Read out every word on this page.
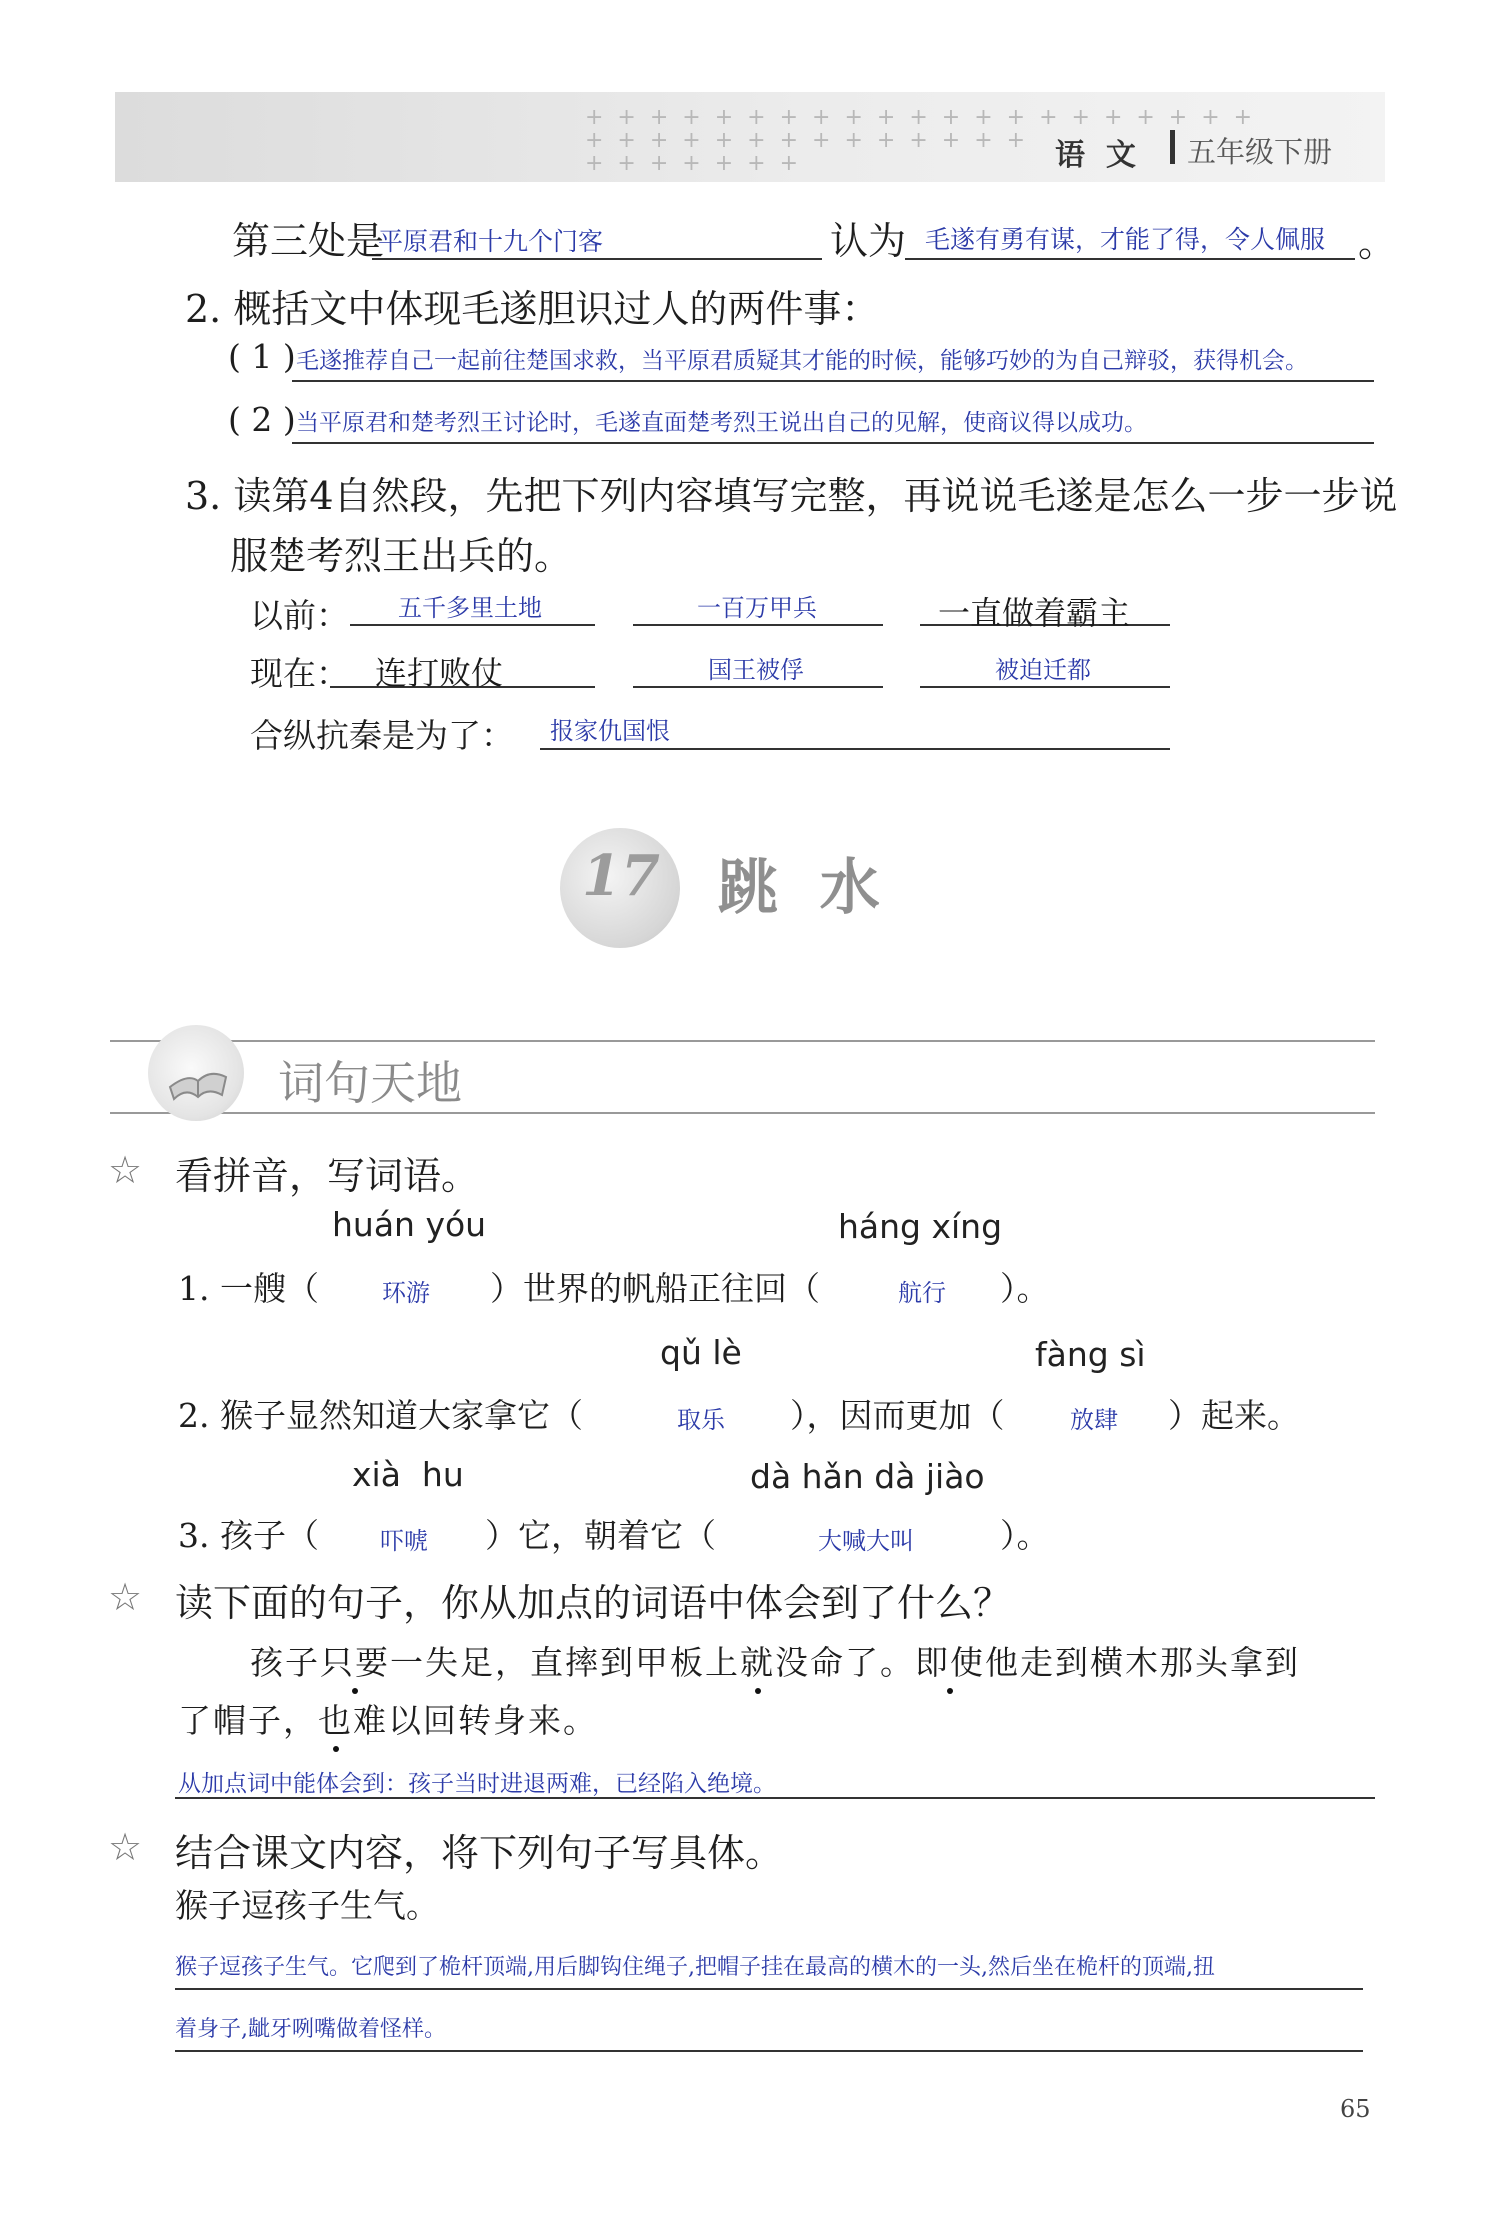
+++++++++++++++++++++
++++++++++++++
+++++++	语  文 五年级下册
第三处是
平原君和十九个门客	认为 毛遂有勇有谋，才能了得，令人佩服 。
2. 概括文中体现毛遂胆识过人的两件事：
( 1 ) 毛遂推荐自己一起前往楚国求救，当平原君质疑其才能的时候，能够巧妙的为自己辩驳，获得机会。
( 2 ) 当平原君和楚考烈王讨论时，毛遂直面楚考烈王说出自己的见解，使商议得以成功。
3. 读第4自然段，先把下列内容填写完整，再说说毛遂是怎么一步一步说
服楚考烈王出兵的。
以前： 五千多里土地	一百万甲兵	一直做着霸主
现在： 连打败仗	国王被俘	被迫迁都
合纵抗秦是为了： 报家仇国恨
17 跳  水
词句天地
☆ 看拼音，写词语。
huán yóu	háng xíng
1. 一艘（	环游 ）世界的帆船正往回（	航行 ）。
qǔ lè	fàng sì
2. 猴子显然知道大家拿它（	取乐 ），因而更加（	放肆 ）起来。
xià  hu	dà hǎn dà jiào
3. 孩子（	吓唬 ）它，朝着它（	大喊大叫	）。
☆ 读下面的句子，你从加点的词语中体会到了什么？
孩子只要一失足，直摔到甲板上就没命了。即使他走到横木那头拿到
了帽子，也难以回转身来。
从加点词中能体会到：孩子当时进退两难，已经陷入绝境。
☆ 结合课文内容，将下列句子写具体。
猴子逗孩子生气。
猴子逗孩子生气。它爬到了桅杆顶端,用后脚钩住绳子,把帽子挂在最高的横木的一头,然后坐在桅杆的顶端,扭
着身子,龇牙咧嘴做着怪样。
65
